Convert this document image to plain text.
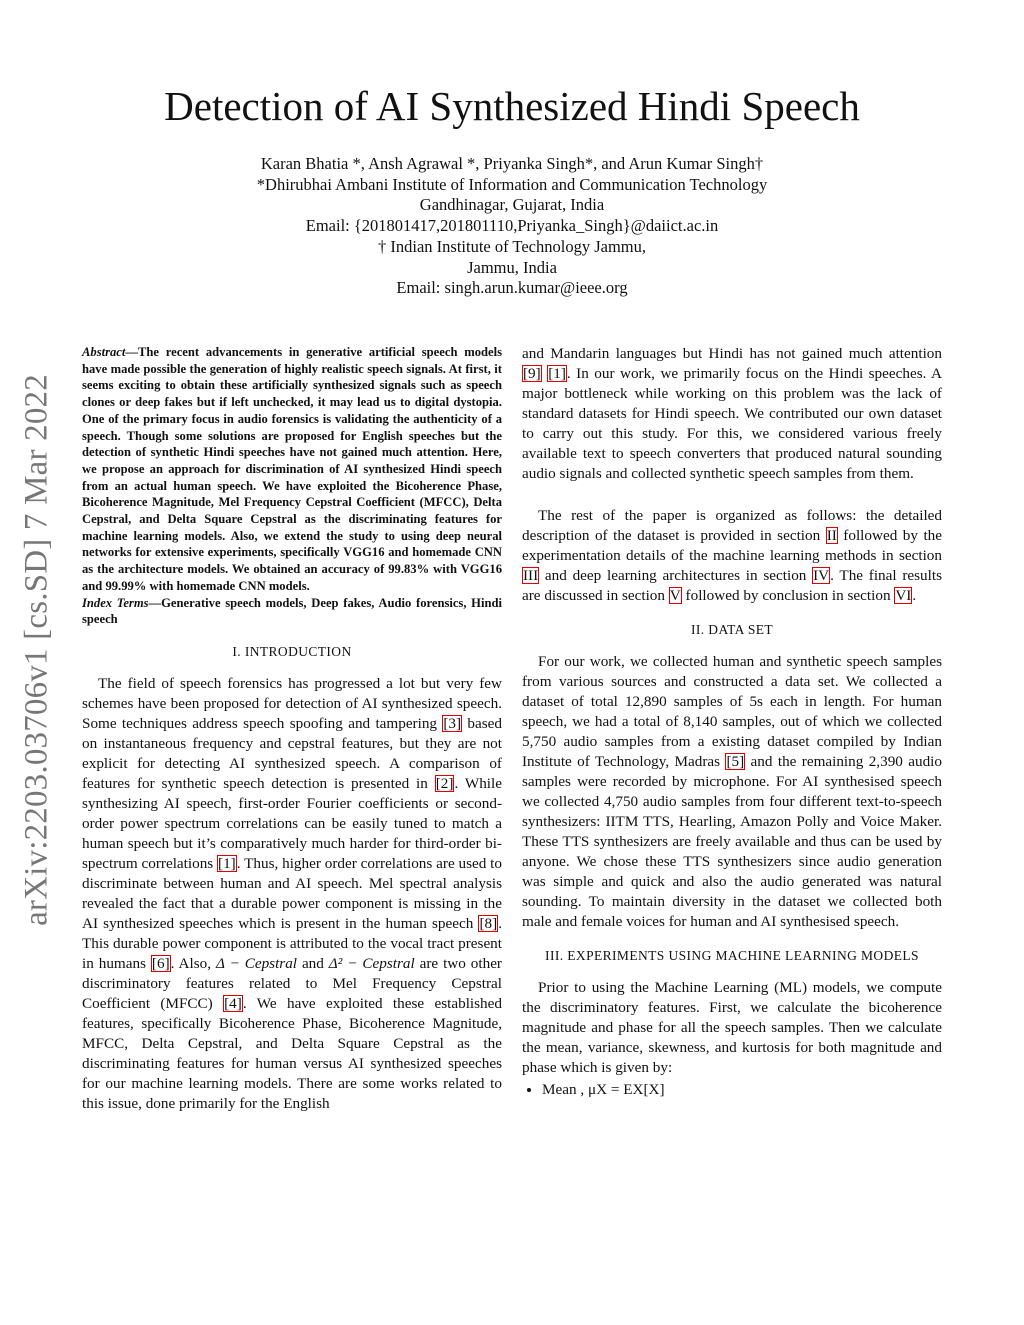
arXiv:2203.03706v1 [cs.SD] 7 Mar 2022
Detection of AI Synthesized Hindi Speech
Karan Bhatia *, Ansh Agrawal *, Priyanka Singh*, and Arun Kumar Singh†
*Dhirubhai Ambani Institute of Information and Communication Technology
Gandhinagar, Gujarat, India
Email: {201801417,201801110,Priyanka_Singh}@daiict.ac.in
† Indian Institute of Technology Jammu,
Jammu, India
Email: singh.arun.kumar@ieee.org

Abstract—The recent advancements in generative artificial speech models have made possible the generation of highly realistic speech signals. At first, it seems exciting to obtain these artificially synthesized signals such as speech clones or deep fakes but if left unchecked, it may lead us to digital dystopia. One of the primary focus in audio forensics is validating the authenticity of a speech. Though some solutions are proposed for English speeches but the detection of synthetic Hindi speeches have not gained much attention. Here, we propose an approach for discrimination of AI synthesized Hindi speech from an actual human speech. We have exploited the Bicoherence Phase, Bicoherence Magnitude, Mel Frequency Cepstral Coefficient (MFCC), Delta Cepstral, and Delta Square Cepstral as the discriminating features for machine learning models. Also, we extend the study to using deep neural networks for extensive experiments, specifically VGG16 and homemade CNN as the architecture models. We obtained an accuracy of 99.83% with VGG16 and 99.99% with homemade CNN models.

Index Terms—Generative speech models, Deep fakes, Audio forensics, Hindi speech

I. INTRODUCTION

The field of speech forensics has progressed a lot but very few schemes have been proposed for detection of AI synthesized speech. Some techniques address speech spoofing and tampering [3] based on instantaneous frequency and cepstral features, but they are not explicit for detecting AI synthesized speech. A comparison of features for synthetic speech detection is presented in [2]. While synthesizing AI speech, first-order Fourier coefficients or second-order power spectrum correlations can be easily tuned to match a human speech but it’s comparatively much harder for third-order bi-spectrum correlations [1]. Thus, higher order correlations are used to discriminate between human and AI speech. Mel spectral analysis revealed the fact that a durable power component is missing in the AI synthesized speeches which is present in the human speech [8]. This durable power component is attributed to the vocal tract present in humans [6]. Also, Δ − Cepstral and Δ² − Cepstral are two other discriminatory features related to Mel Frequency Cepstral Coefficient (MFCC) [4]. We have exploited these established features, specifically Bicoherence Phase, Bicoherence Magnitude, MFCC, Delta Cepstral, and Delta Square Cepstral as the discriminating features for human versus AI synthesized speeches for our machine learning models. There are some works related to this issue, done primarily for the English

and Mandarin languages but Hindi has not gained much attention [9] [1]. In our work, we primarily focus on the Hindi speeches. A major bottleneck while working on this problem was the lack of standard datasets for Hindi speech. We contributed our own dataset to carry out this study. For this, we considered various freely available text to speech converters that produced natural sounding audio signals and collected synthetic speech samples from them.

The rest of the paper is organized as follows: the detailed description of the dataset is provided in section II followed by the experimentation details of the machine learning methods in section III and deep learning architectures in section IV. The final results are discussed in section V followed by conclusion in section VI.

II. DATA SET

For our work, we collected human and synthetic speech samples from various sources and constructed a data set. We collected a dataset of total 12,890 samples of 5s each in length. For human speech, we had a total of 8,140 samples, out of which we collected 5,750 audio samples from a existing dataset compiled by Indian Institute of Technology, Madras [5] and the remaining 2,390 audio samples were recorded by microphone. For AI synthesised speech we collected 4,750 audio samples from four different text-to-speech synthesizers: IITM TTS, Hearling, Amazon Polly and Voice Maker. These TTS synthesizers are freely available and thus can be used by anyone. We chose these TTS synthesizers since audio generation was simple and quick and also the audio generated was natural sounding. To maintain diversity in the dataset we collected both male and female voices for human and AI synthesised speech.

III. EXPERIMENTS USING MACHINE LEARNING MODELS

Prior to using the Machine Learning (ML) models, we compute the discriminatory features. First, we calculate the bicoherence magnitude and phase for all the speech samples. Then we calculate the mean, variance, skewness, and kurtosis for both magnitude and phase which is given by:

• Mean , μX = EX[X]
